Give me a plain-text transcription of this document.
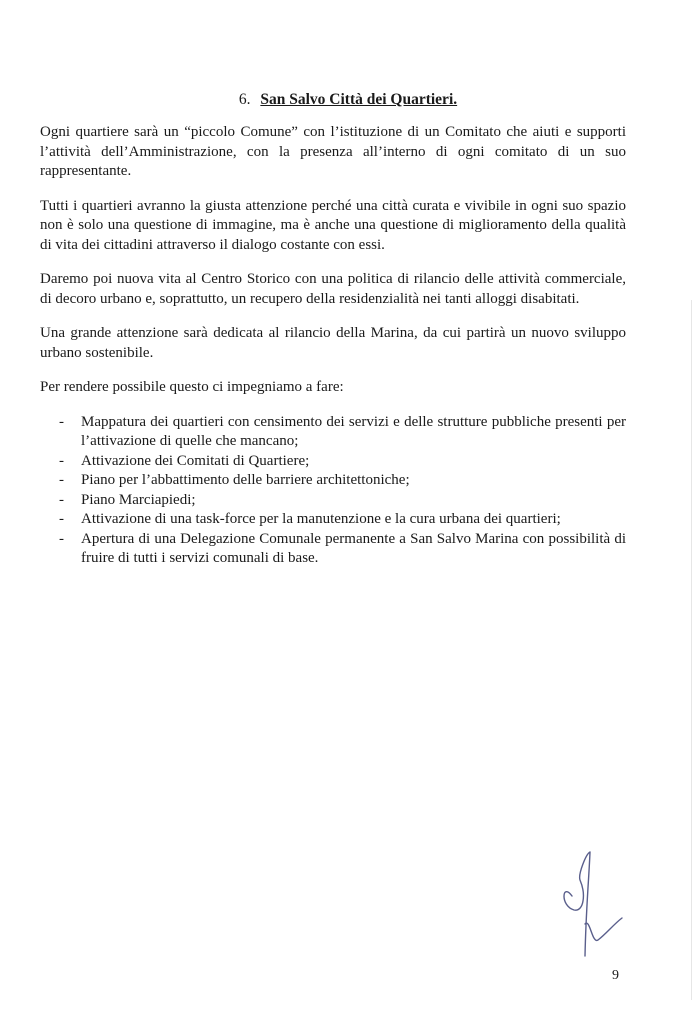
6. San Salvo Città dei Quartieri.

Ogni quartiere sarà un “piccolo Comune” con l’istituzione di un Comitato che aiuti e supporti l’attività dell’Amministrazione, con la presenza all’interno di ogni comitato di un suo rappresentante.

Tutti i quartieri avranno la giusta attenzione perché una città curata e vivibile in ogni suo spazio non è solo una questione di immagine, ma è anche una questione di miglioramento della qualità di vita dei cittadini attraverso il dialogo costante con essi.

Daremo poi nuova vita al Centro Storico con una politica di rilancio delle attività commerciale, di decoro urbano e, soprattutto, un recupero della residenzialità nei tanti alloggi disabitati.

Una grande attenzione sarà dedicata al rilancio della Marina, da cui partirà un nuovo sviluppo urbano sostenibile.

Per rendere possibile questo ci impegniamo a fare:

- Mappatura dei quartieri con censimento dei servizi e delle strutture pubbliche presenti per l’attivazione di quelle che mancano;
- Attivazione dei Comitati di Quartiere;
- Piano per l’abbattimento delle barriere architettoniche;
- Piano Marciapiedi;
- Attivazione di una task-force per la manutenzione e la cura urbana dei quartieri;
- Apertura di una Delegazione Comunale permanente a San Salvo Marina con possibilità di fruire di tutti i servizi comunali di base.
9
